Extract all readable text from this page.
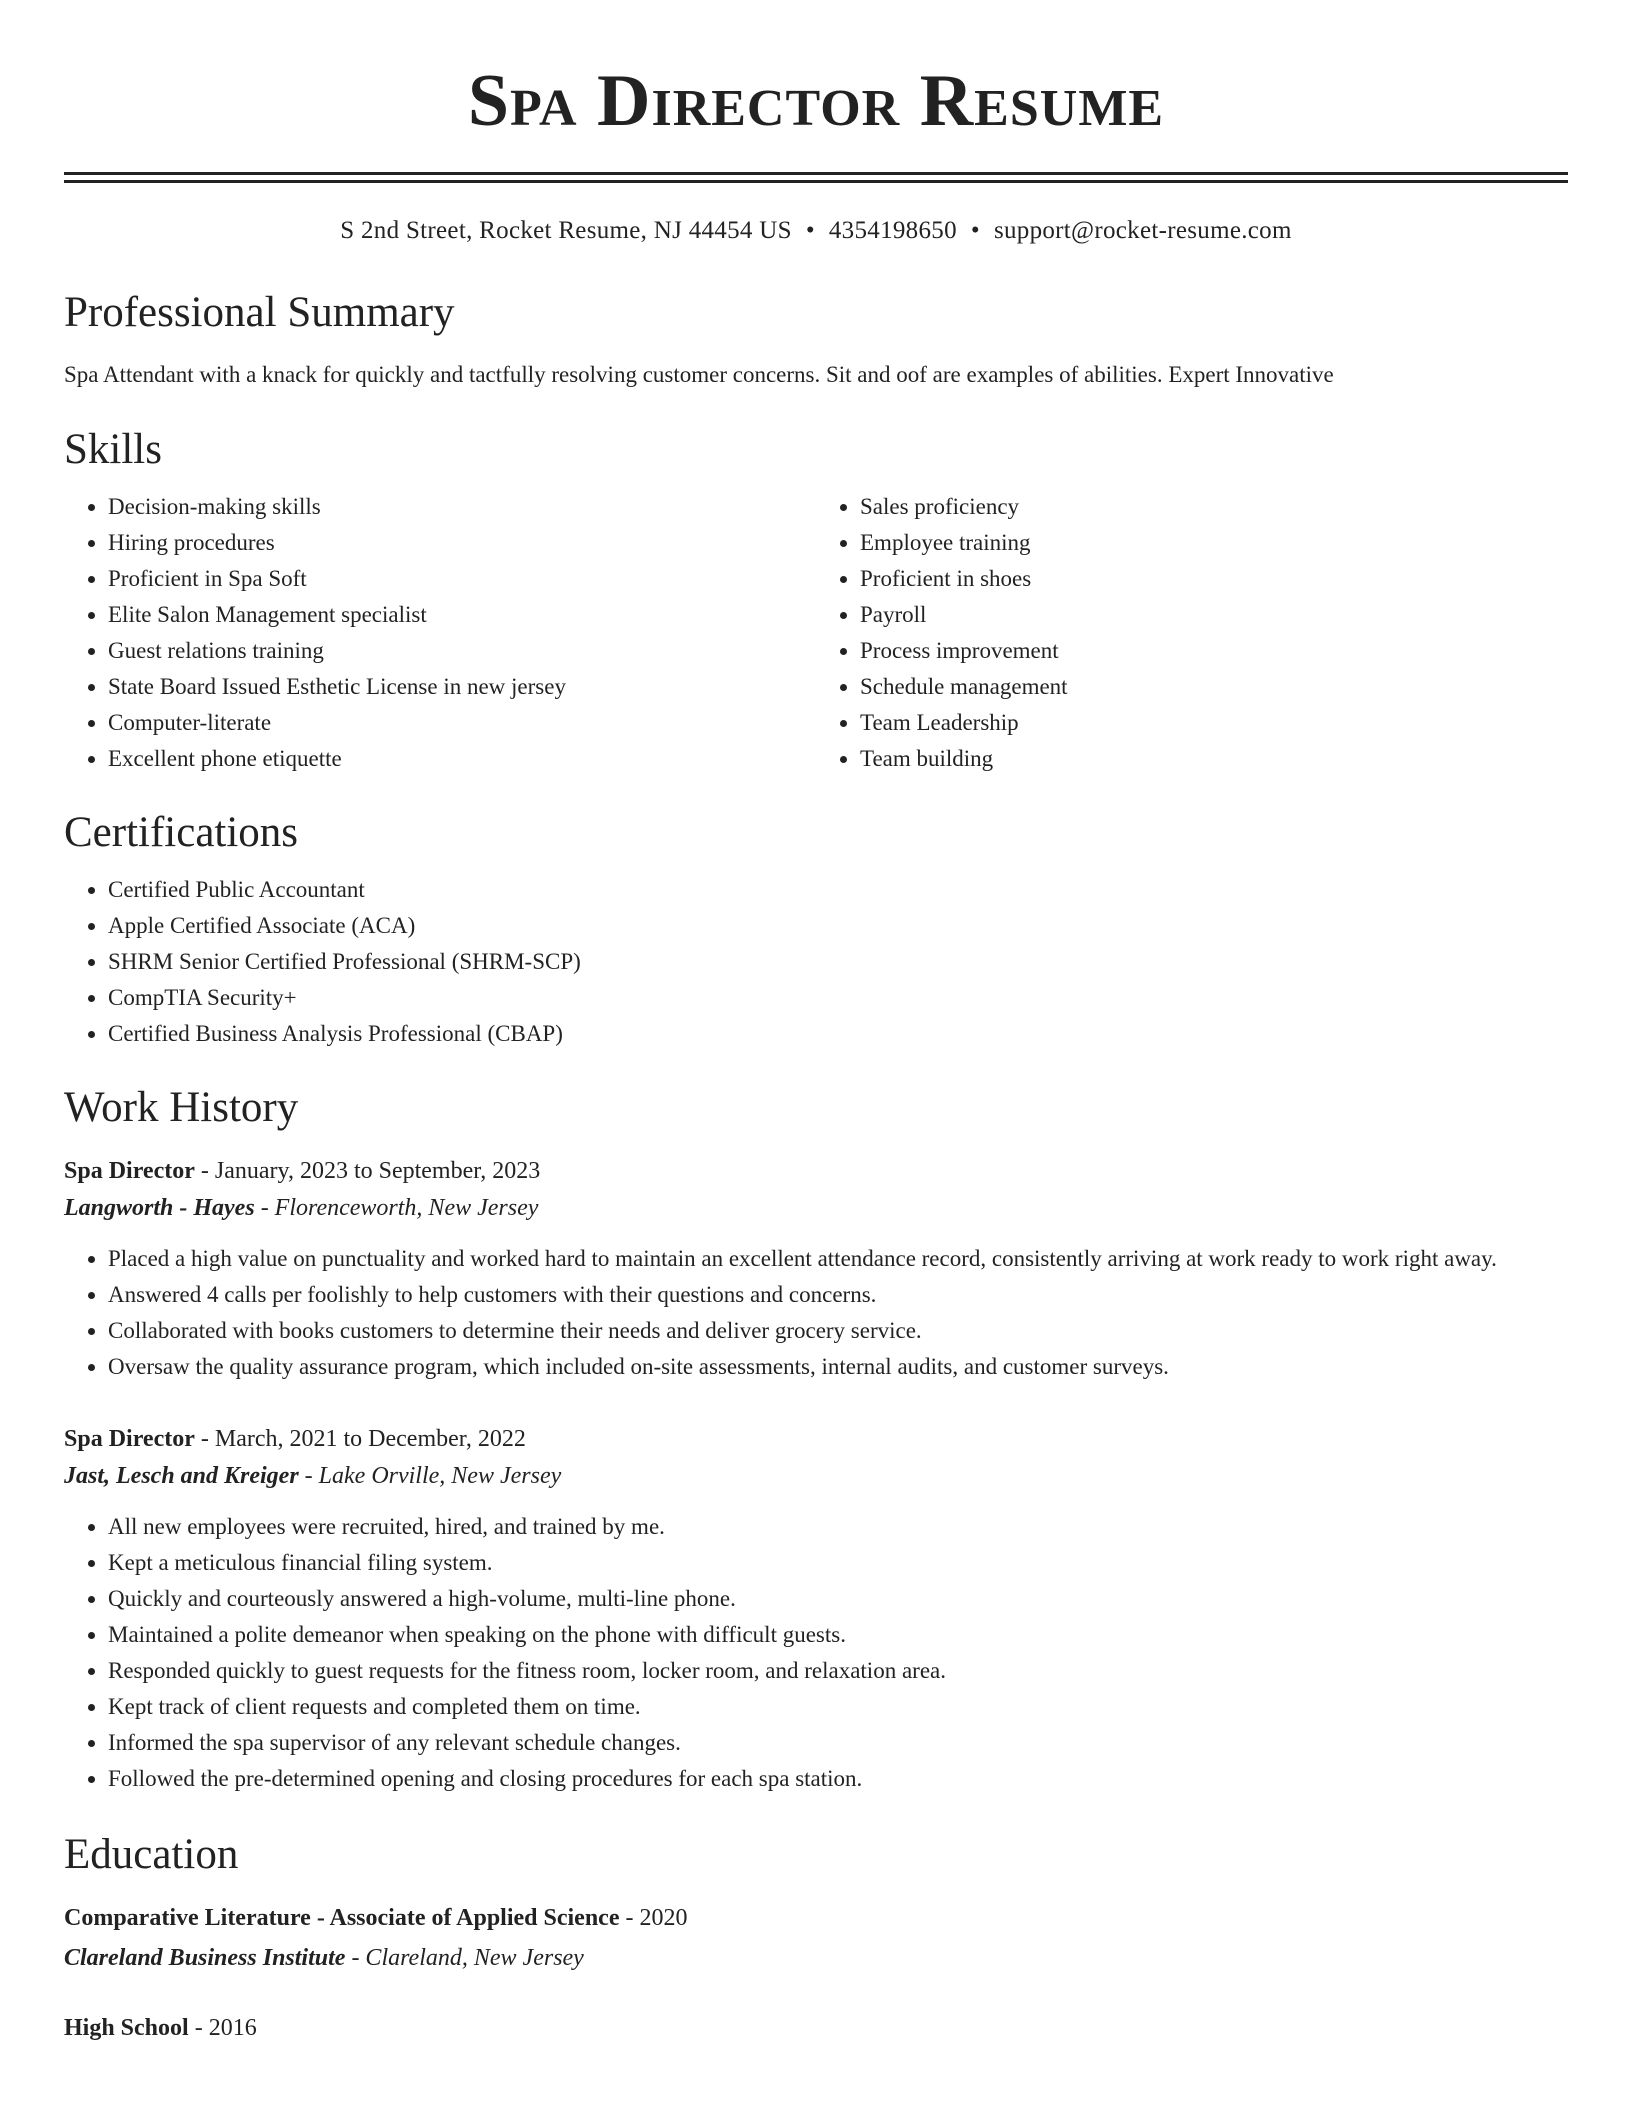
Spa Director Resume
S 2nd Street, Rocket Resume, NJ 44454 US • 4354198650 • support@rocket-resume.com
Professional Summary
Spa Attendant with a knack for quickly and tactfully resolving customer concerns. Sit and oof are examples of abilities. Expert Innovative
Skills
• Decision-making skills
• Hiring procedures
• Proficient in Spa Soft
• Elite Salon Management specialist
• Guest relations training
• State Board Issued Esthetic License in new jersey
• Computer-literate
• Excellent phone etiquette
• Sales proficiency
• Employee training
• Proficient in shoes
• Payroll
• Process improvement
• Schedule management
• Team Leadership
• Team building
Certifications
• Certified Public Accountant
• Apple Certified Associate (ACA)
• SHRM Senior Certified Professional (SHRM-SCP)
• CompTIA Security+
• Certified Business Analysis Professional (CBAP)
Work History
Spa Director - January, 2023 to September, 2023
Langworth - Hayes - Florenceworth, New Jersey
• Placed a high value on punctuality and worked hard to maintain an excellent attendance record, consistently arriving at work ready to work right away.
• Answered 4 calls per foolishly to help customers with their questions and concerns.
• Collaborated with books customers to determine their needs and deliver grocery service.
• Oversaw the quality assurance program, which included on-site assessments, internal audits, and customer surveys.
Spa Director - March, 2021 to December, 2022
Jast, Lesch and Kreiger - Lake Orville, New Jersey
• All new employees were recruited, hired, and trained by me.
• Kept a meticulous financial filing system.
• Quickly and courteously answered a high-volume, multi-line phone.
• Maintained a polite demeanor when speaking on the phone with difficult guests.
• Responded quickly to guest requests for the fitness room, locker room, and relaxation area.
• Kept track of client requests and completed them on time.
• Informed the spa supervisor of any relevant schedule changes.
• Followed the pre-determined opening and closing procedures for each spa station.
Education
Comparative Literature - Associate of Applied Science - 2020
Clareland Business Institute - Clareland, New Jersey
High School - 2016
